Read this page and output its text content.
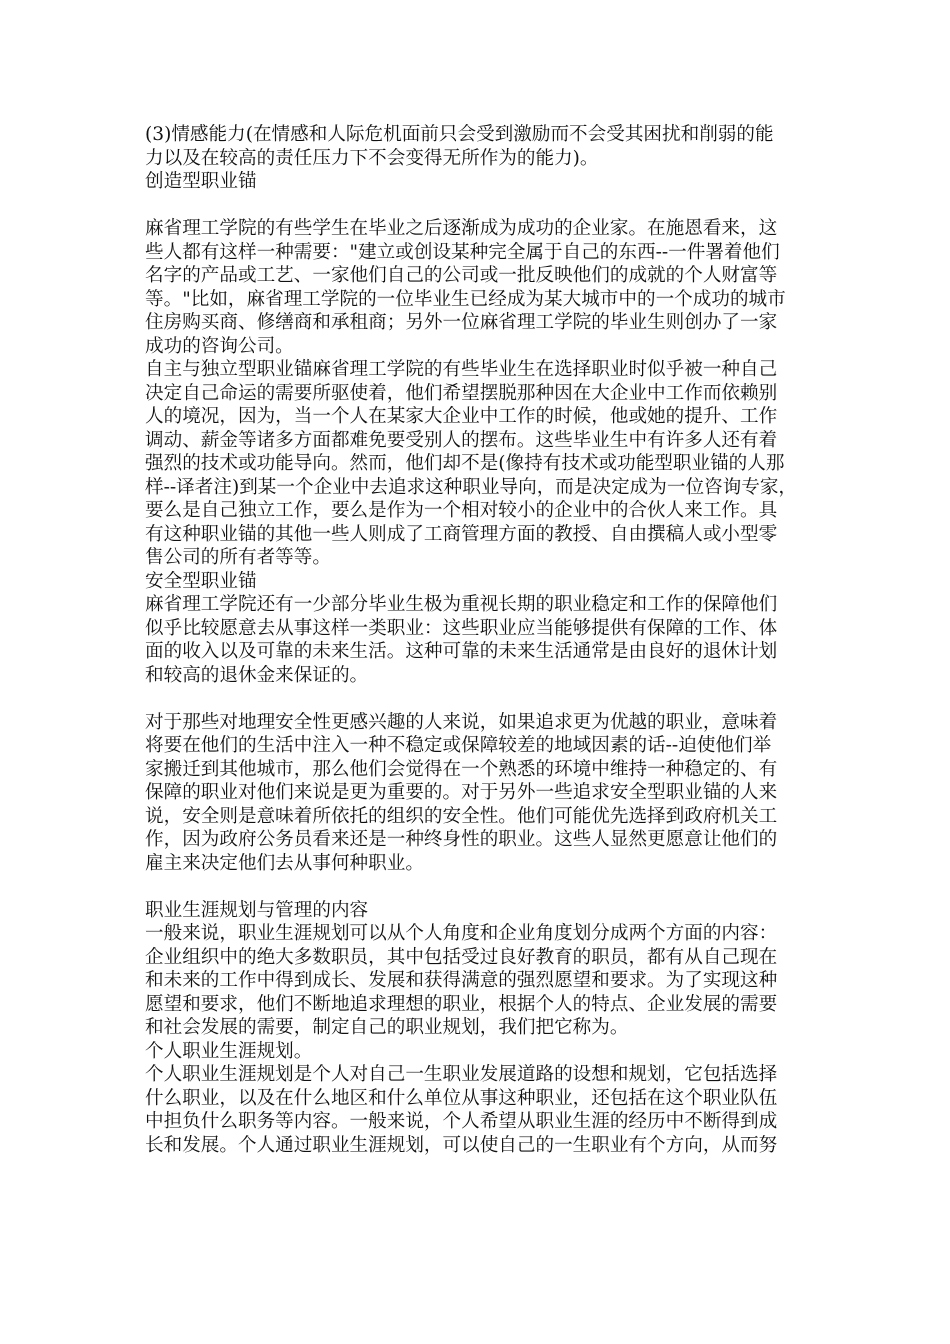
(3)情感能力(在情感和人际危机面前只会受到激励而不会受其困扰和削弱的能
力以及在较高的责任压力下不会变得无所作为的能力)。
创造型职业锚
麻省理工学院的有些学生在毕业之后逐渐成为成功的企业家。在施恩看来，这
些人都有这样一种需要："建立或创设某种完全属于自己的东西--一件署着他们
名字的产品或工艺、一家他们自己的公司或一批反映他们的成就的个人财富等
等。"比如，麻省理工学院的一位毕业生已经成为某大城市中的一个成功的城市
住房购买商、修缮商和承租商；另外一位麻省理工学院的毕业生则创办了一家
成功的咨询公司。
自主与独立型职业锚麻省理工学院的有些毕业生在选择职业时似乎被一种自己
决定自己命运的需要所驱使着，他们希望摆脱那种因在大企业中工作而依赖别
人的境况，因为，当一个人在某家大企业中工作的时候，他或她的提升、工作
调动、薪金等诸多方面都难免要受别人的摆布。这些毕业生中有许多人还有着
强烈的技术或功能导向。然而，他们却不是(像持有技术或功能型职业锚的人那
样--译者注)到某一个企业中去追求这种职业导向，而是决定成为一位咨询专家，
要么是自己独立工作，要么是作为一个相对较小的企业中的合伙人来工作。具
有这种职业锚的其他一些人则成了工商管理方面的教授、自由撰稿人或小型零
售公司的所有者等等。
安全型职业锚
麻省理工学院还有一少部分毕业生极为重视长期的职业稳定和工作的保障他们
似乎比较愿意去从事这样一类职业：这些职业应当能够提供有保障的工作、体
面的收入以及可靠的未来生活。这种可靠的未来生活通常是由良好的退休计划
和较高的退休金来保证的。
对于那些对地理安全性更感兴趣的人来说，如果追求更为优越的职业，意味着
将要在他们的生活中注入一种不稳定或保障较差的地域因素的话--迫使他们举
家搬迁到其他城市，那么他们会觉得在一个熟悉的环境中维持一种稳定的、有
保障的职业对他们来说是更为重要的。对于另外一些追求安全型职业锚的人来
说，安全则是意味着所依托的组织的安全性。他们可能优先选择到政府机关工
作，因为政府公务员看来还是一种终身性的职业。这些人显然更愿意让他们的
雇主来决定他们去从事何种职业。
职业生涯规划与管理的内容
一般来说，职业生涯规划可以从个人角度和企业角度划分成两个方面的内容：
企业组织中的绝大多数职员，其中包括受过良好教育的职员，都有从自己现在
和未来的工作中得到成长、发展和获得满意的强烈愿望和要求。为了实现这种
愿望和要求，他们不断地追求理想的职业，根据个人的特点、企业发展的需要
和社会发展的需要，制定自己的职业规划，我们把它称为。
个人职业生涯规划。
个人职业生涯规划是个人对自己一生职业发展道路的设想和规划，它包括选择
什么职业，以及在什么地区和什么单位从事这种职业，还包括在这个职业队伍
中担负什么职务等内容。一般来说，个人希望从职业生涯的经历中不断得到成
长和发展。个人通过职业生涯规划，可以使自己的一生职业有个方向，从而努
